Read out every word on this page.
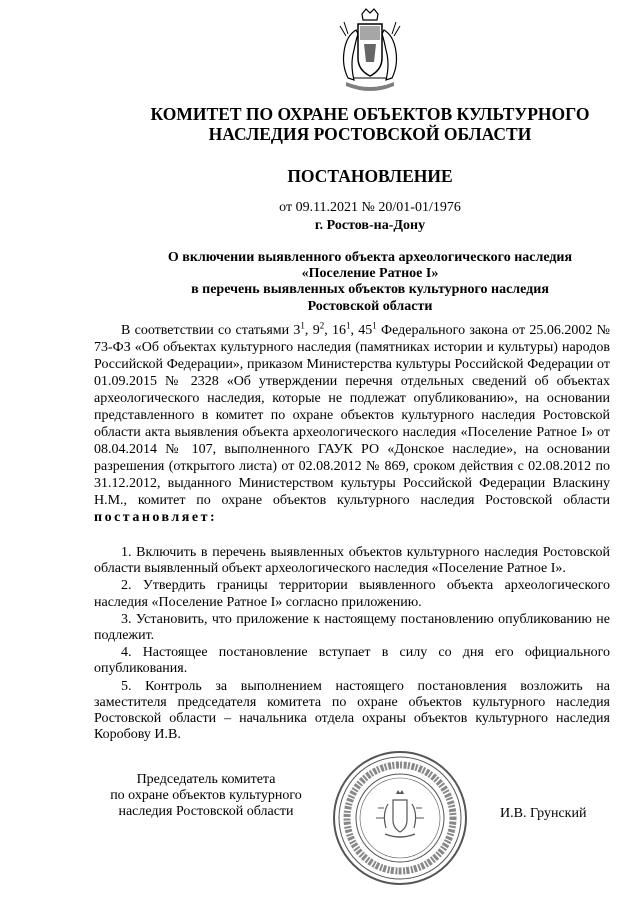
КОМИТЕТ ПО ОХРАНЕ ОБЪЕКТОВ КУЛЬТУРНОГО
НАСЛЕДИЯ РОСТОВСКОЙ ОБЛАСТИ
ПОСТАНОВЛЕНИЕ
от 09.11.2021 № 20/01-01/1976
г. Ростов-на-Дону
О включении выявленного объекта археологического наследия
«Поселение Ратное I»
в перечень выявленных объектов культурного наследия
Ростовской области
В соответствии со статьями $3^1$, $9^2$, $16^1$, $45^1$ Федерального закона от 25.06.2002 № 73-ФЗ «Об объектах культурного наследия (памятниках истории и культуры) народов Российской Федерации», приказом Министерства культуры Российской Федерации от 01.09.2015 № 2328 «Об утверждении перечня отдельных сведений об объектах археологического наследия, которые не подлежат опубликованию», на основании представленного в комитет по охране объектов культурного наследия Ростовской области акта выявления объекта археологического наследия «Поселение Ратное I» от 08.04.2014 № 107, выполненного ГАУК РО «Донское наследие», на основании разрешения (открытого листа) от 02.08.2012 № 869, сроком действия с 02.08.2012 по 31.12.2012, выданного Министерством культуры Российской Федерации Власкину Н.М., комитет по охране объектов культурного наследия Ростовской области постановляет:
1. Включить в перечень выявленных объектов культурного наследия Ростовской области выявленный объект археологического наследия «Поселение Ратное I».
2. Утвердить границы территории выявленного объекта археологического наследия «Поселение Ратное I» согласно приложению.
3. Установить, что приложение к настоящему постановлению опубликованию не подлежит.
4. Настоящее постановление вступает в силу со дня его официального опубликования.
5. Контроль за выполнением настоящего постановления возложить на заместителя председателя комитета по охране объектов культурного наследия Ростовской области – начальника отдела охраны объектов культурного наследия Коробову И.В.
Председатель комитета
по охране объектов культурного
наследия Ростовской области	И.В. Грунский
